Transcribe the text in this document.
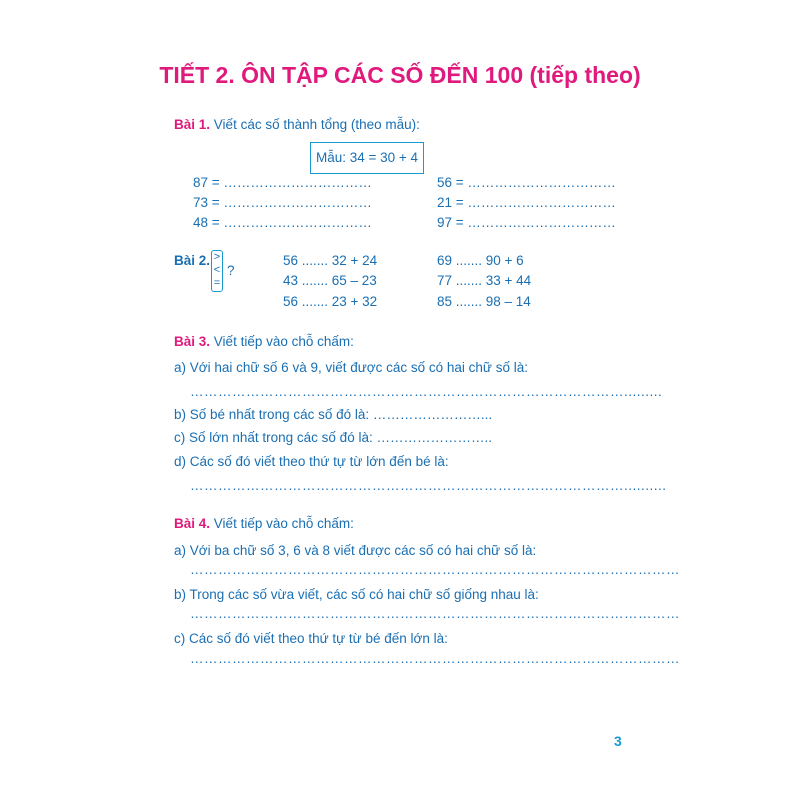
TIẾT 2. ÔN TẬP CÁC SỐ ĐẾN 100 (tiếp theo)
Bài 1. Viết các số thành tổng (theo mẫu):
Mẫu: 34 = 30 + 4
87 = ……………………………
73 = ……………………………
48 = ……………………………
56 = ……………………………
21 = ……………………………
97 = ……………………………
Bài 2. >
<
=
?
56 ....... 32 + 24
43 ....... 65 – 23
56 ....... 23 + 32
69 ....... 90 + 6
77 ....... 33 + 44
85 ....... 98 – 14
Bài 3. Viết tiếp vào chỗ chấm:
a) Với hai chữ số 6 và 9, viết được các số có hai chữ số là:
………………………………………………………………………………….........
b) Số bé nhất trong các số đó là: ……………………...
c) Số lớn nhất trong các số đó là: ……………………..
d) Các số đó viết theo thứ tự từ lớn đến bé là:
…………………………………………………………………………………..........
Bài 4. Viết tiếp vào chỗ chấm:
a) Với ba chữ số 3, 6 và 8 viết được các số có hai chữ số là:
……………………………………………………………………………………………
b) Trong các số vừa viết, các số có hai chữ số giống nhau là:
……………………………………………………………………………………………
c) Các số đó viết theo thứ tự từ bé đến lớn là:
……………………………………………………………………………………………
3
